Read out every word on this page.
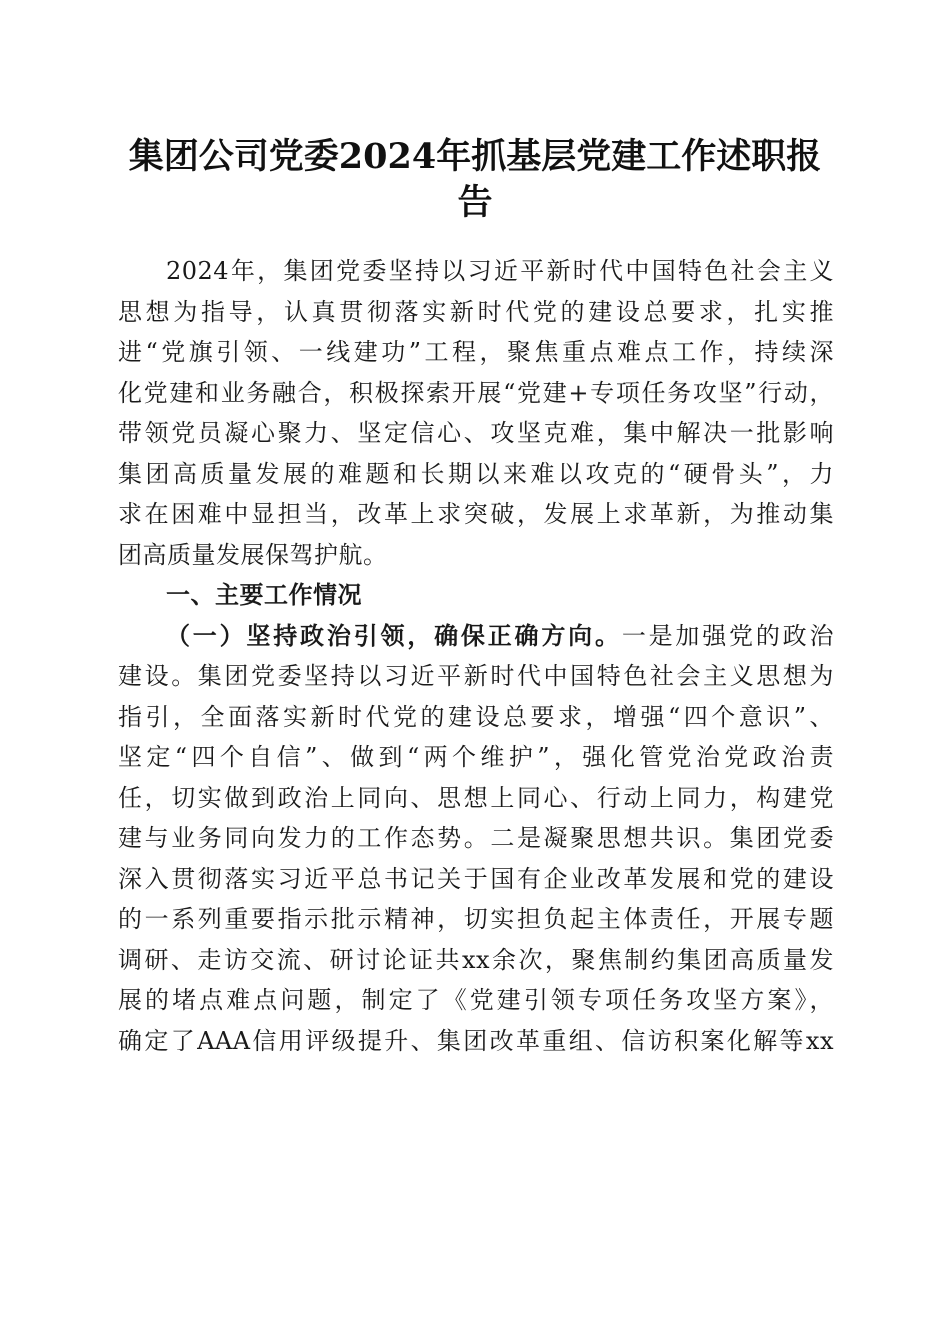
集团公司党委2024年抓基层党建工作述职报告
2024年，集团党委坚持以习近平新时代中国特色社会主义
思想为指导，认真贯彻落实新时代党的建设总要求，扎实推
进“党旗引领、一线建功”工程，聚焦重点难点工作，持续深
化党建和业务融合，积极探索开展“党建+专项任务攻坚”行动，
带领党员凝心聚力、坚定信心、攻坚克难，集中解决一批影响
集团高质量发展的难题和长期以来难以攻克的“硬骨头”，力
求在困难中显担当，改革上求突破，发展上求革新，为推动集
团高质量发展保驾护航。
一、主要工作情况
（一）坚持政治引领，确保正确方向。一是加强党的政治
建设。集团党委坚持以习近平新时代中国特色社会主义思想为
指引，全面落实新时代党的建设总要求，增强“四个意识”、
坚定“四个自信”、做到“两个维护”，强化管党治党政治责
任，切实做到政治上同向、思想上同心、行动上同力，构建党
建与业务同向发力的工作态势。二是凝聚思想共识。集团党委
深入贯彻落实习近平总书记关于国有企业改革发展和党的建设
的一系列重要指示批示精神，切实担负起主体责任，开展专题
调研、走访交流、研讨论证共xx余次，聚焦制约集团高质量发
展的堵点难点问题，制定了《党建引领专项任务攻坚方案》，
确定了AAA信用评级提升、集团改革重组、信访积案化解等xx
